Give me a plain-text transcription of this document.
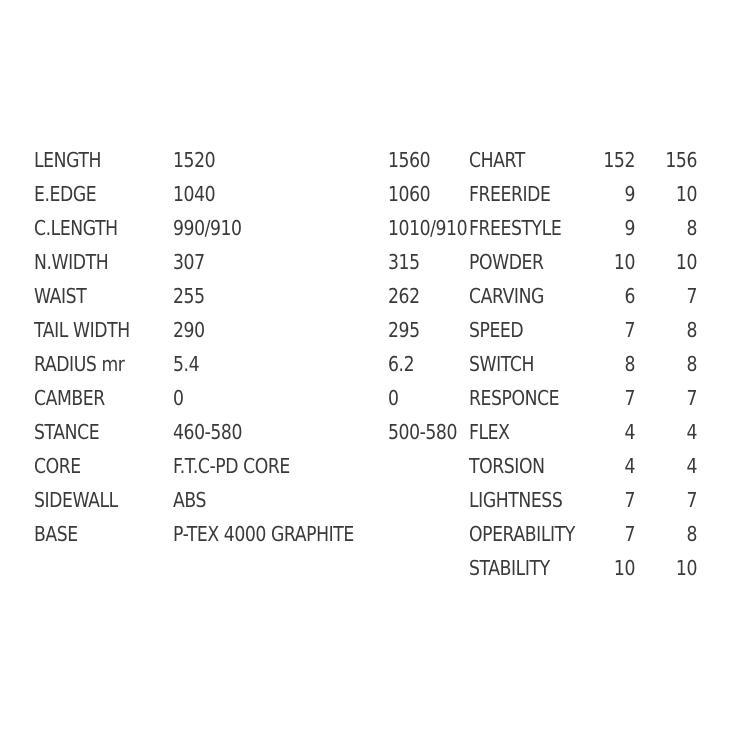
LENGTH	1520	1560
E.EDGE	1040	1060
C.LENGTH	990/910	1010/910
N.WIDTH	307	315
WAIST	255	262
TAIL WIDTH	290	295
RADIUS mr	5.4	6.2
CAMBER	0	0
STANCE	460-580	500-580
CORE	F.T.C-PD CORE	
SIDEWALL	ABS	
BASE	P-TEX 4000 GRAPHITE	
CHART	152	156
FREERIDE	9	10
FREESTYLE	9	8
POWDER	10	10
CARVING	6	7
SPEED	7	8
SWITCH	8	8
RESPONCE	7	7
FLEX	4	4
TORSION	4	4
LIGHTNESS	7	7
OPERABILITY	7	8
STABILITY	10	10
